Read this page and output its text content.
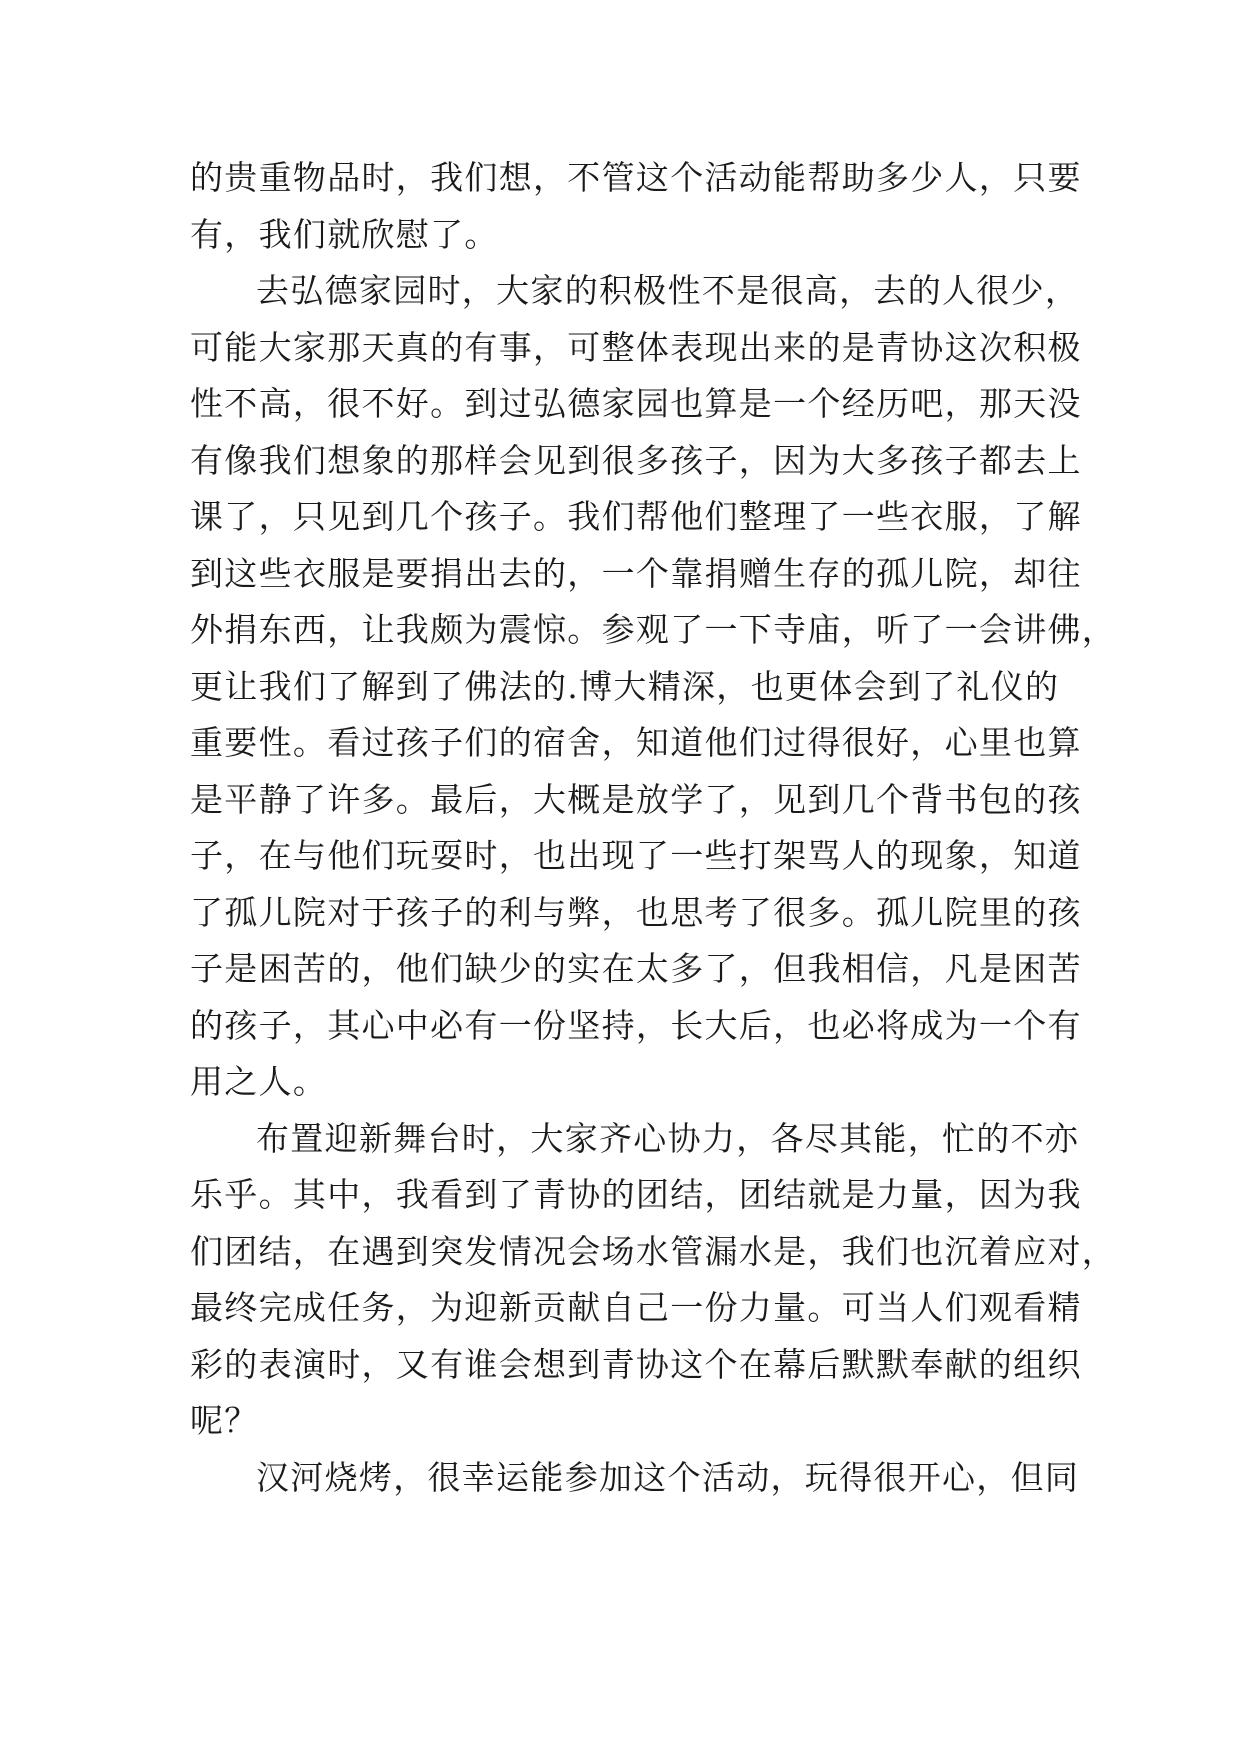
的贵重物品时，我们想，不管这个活动能帮助多少人，只要
有，我们就欣慰了。
去弘德家园时，大家的积极性不是很高，去的人很少，
可能大家那天真的有事，可整体表现出来的是青协这次积极
性不高，很不好。到过弘德家园也算是一个经历吧，那天没
有像我们想象的那样会见到很多孩子，因为大多孩子都去上
课了，只见到几个孩子。我们帮他们整理了一些衣服，了解
到这些衣服是要捐出去的，一个靠捐赠生存的孤儿院，却往
外捐东西，让我颇为震惊。参观了一下寺庙，听了一会讲佛，
更让我们了解到了佛法的.博大精深，也更体会到了礼仪的
重要性。看过孩子们的宿舍，知道他们过得很好，心里也算
是平静了许多。最后，大概是放学了，见到几个背书包的孩
子，在与他们玩耍时，也出现了一些打架骂人的现象，知道
了孤儿院对于孩子的利与弊，也思考了很多。孤儿院里的孩
子是困苦的，他们缺少的实在太多了，但我相信，凡是困苦
的孩子，其心中必有一份坚持，长大后，也必将成为一个有
用之人。
布置迎新舞台时，大家齐心协力，各尽其能，忙的不亦
乐乎。其中，我看到了青协的团结，团结就是力量，因为我
们团结，在遇到突发情况会场水管漏水是，我们也沉着应对，
最终完成任务，为迎新贡献自己一份力量。可当人们观看精
彩的表演时，又有谁会想到青协这个在幕后默默奉献的组织
呢？
汉河烧烤，很幸运能参加这个活动，玩得很开心，但同
